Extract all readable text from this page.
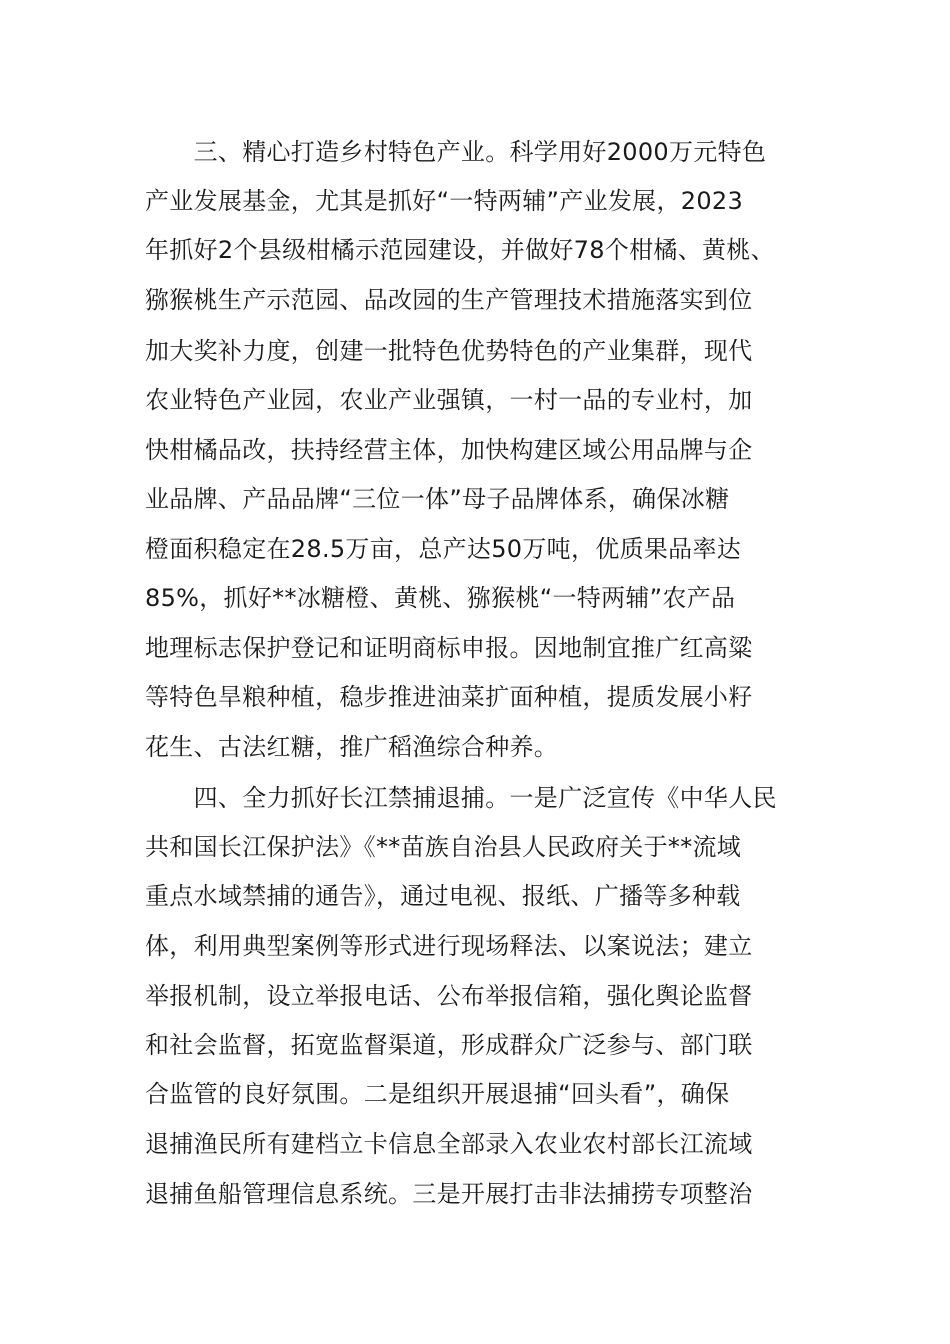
　　三、精心打造乡村特色产业。科学用好2000万元特色
产业发展基金，尤其是抓好“一特两辅”产业发展，2023
年抓好2个县级柑橘示范园建设，并做好78个柑橘、黄桃、
猕猴桃生产示范园、品改园的生产管理技术措施落实到位
加大奖补力度，创建一批特色优势特色的产业集群，现代
农业特色产业园，农业产业强镇，一村一品的专业村，加
快柑橘品改，扶持经营主体，加快构建区域公用品牌与企
业品牌、产品品牌“三位一体”母子品牌体系，确保冰糖
橙面积稳定在28.5万亩，总产达50万吨，优质果品率达
85%，抓好**冰糖橙、黄桃、猕猴桃“一特两辅”农产品
地理标志保护登记和证明商标申报。因地制宜推广红高粱
等特色旱粮种植，稳步推进油菜扩面种植，提质发展小籽
花生、古法红糖，推广稻渔综合种养。
　　四、全力抓好长江禁捕退捕。一是广泛宣传《中华人民
共和国长江保护法》《**苗族自治县人民政府关于**流域
重点水域禁捕的通告》，通过电视、报纸、广播等多种载
体，利用典型案例等形式进行现场释法、以案说法；建立
举报机制，设立举报电话、公布举报信箱，强化舆论监督
和社会监督，拓宽监督渠道，形成群众广泛参与、部门联
合监管的良好氛围。二是组织开展退捕“回头看”，确保
退捕渔民所有建档立卡信息全部录入农业农村部长江流域
退捕鱼船管理信息系统。三是开展打击非法捕捞专项整治
